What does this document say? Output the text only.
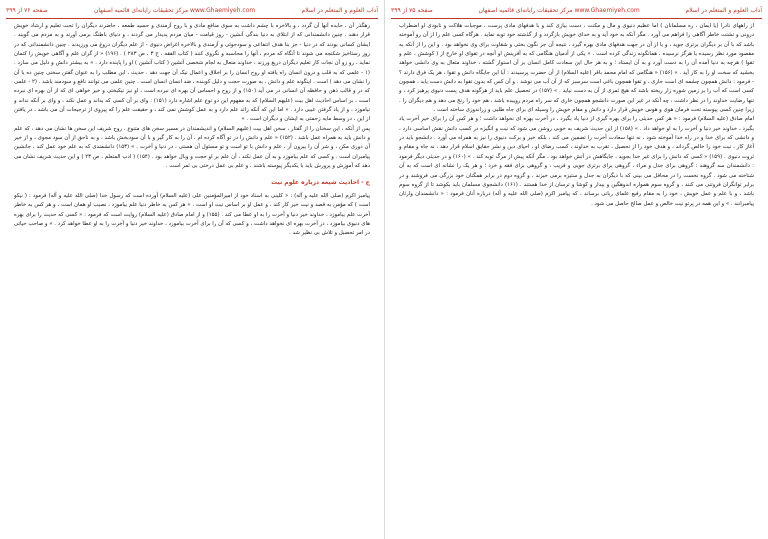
آداب العلوم و المتعلم در اسلام
مرکز تحقیقات رایانه‌ای قائمیه اصفهان www.Ghaemiyeh.com
صفحه ۷۶ از ۳۹۹

رهگذر آن ، حایده آنها آن گردد ، و بالاخره با چشم داشت به سوی منافع مادی و با روح آزمندی و حسید طمعه ، حاضرند دیگران را تحت تعلیم و ارشاد خویش قرار دهند . چنین دانشمندانی که از ابتلای به دنیا بندگی آنشین - روز قیامت - میان مردم پدیدار می گردند ، و دنیای باطنگ برمی آورند و به مردم می گویند . ایشان کسانی بودند که در دنیا - جز بنا هدف انتفاعی و سودجوئی و آزمندی و بالاخره اغراض دنیوی - از علم دیگران دروغ می ورزیدند . چنین دانشمندانی که در روز رستاخیز شکنجه می شوند تا آنگاه که مردم ، آنها را محاسبه و نگروی کنند ( کتاب الفقه ، ج ۳ ، ص ۲۸۳ ) . (۱۹۶) « از گران علم و آگاهی خویش را کتمان نماید ، رو زو آن نجات کار تعلیم دیگران دریغ ورزند ، خداوند متعال به لجام شخصی آتشین ( کتاب آتشین ) او را پاینده دارد . » به بیشتر دانش و دلیل می سازد . (۱ - علمی که به قلب و درون انسان راه یافته او روح انسان را بر اخلاق و اعمال نیک آن جهت دهد . حدیث ، این مطلب را به عنوان گفتن سخنی چنین ده یا آن را نشان می دهد ) است . اینگونه علم و دانش ، به صورت حجت و دلیل کوبنده ، ضد انسان انسان است . چنین علمی می توانند نافع و سودمند باشد . (۲ - علمی که در و قالب ذهن و حافظه آن انسانی در می آید (۱۵۰) و از روح و احساس آن بهره ای نبرده است ، او نیز نیکبختی و خیر خواهی ای که از آن بهره ای نبرده است ، بر اساس احادیث اهل بیت (علیهم السلام) که به مفهوم این دو نوع علم اشاره دارد (۱۵۱) : وای بر آن کسی که بداند و عمل نکند ، و وای بر آنکه نداند و نیاموزد ، و از یاد گرفتن عیبی دارد . « اما این که آنکه زائد علم دارد و به عمل کوشش نمی کند ، و حقیقت علم را که پیروی از ترجیحات آن می باشد ، در یافتن از این ، در وسط مایه زحمتی به ایشان و دیگران است . »

پس از آنکه ، این سخنان را از گفتار ، سخن اهل بیت (علیهم السلام) و اندیشمندان در مسیر سخن های متنوع ، روح شریف این سخن ها نشان می دهد ، که علم و دانش باید به همراه عمل باشد . (۱۵۲) « علم و دانش را در تو آگاه کرده ام ، آن را به کار گیر و با آن سودبخش باشد ، و به ناحق از آن سود مجوی ، و از خیر آن دوری مکن ، و شر آن را بیرون آر ، علم و دانش با تو است و تو مسئول آن هستی ، در دنیا و آخرت . » (۱۵۳) دانشمندی که به علم خود عمل کند ، جانشین پیامبران است . و کسی که علم بیاموزد و به آن عمل نکند ، آن علم بر او حجت و وبال خواهد بود . (۱۵۴) ( ادب المتعلم ، ص ۴۳ ) و این حدیث شریف نشان می دهد که آموزش و پرورش باید با یکدیگر پیوسته باشند ، و علم بی عمل درختی بی ثمر است .

ج - احادیث شیعه درباره علوم نیت

پیامبر اکرم (صلی الله علیه و آله) : « کلینی به اسناد خود از امیرالمؤمنین علی (علیه السلام) آورده است که رسول خدا (صلی الله علیه و آله) فرمود : ( نیکو است ) که مؤمن به قصد و نیت خیر کار کند ، و عمل او بر اساس نیت او است . » هر کس به خاطر دنیا علم بیاموزد ، نصیب او همان است ، و هر کس به خاطر آخرت علم بیاموزد ، خداوند خیر دنیا و آخرت را به او عطا می کند . (۱۵۵) و از امام صادق (علیه السلام) روایت است که فرمود : « کسی که حدیث را برای بهره های دنیوی بیاموزد ، در آخرت بهره ای نخواهد داشت ، و کسی که آن را برای آخرت بیاموزد ، خداوند خیر دنیا و آخرت را به او عطا خواهد کرد . » و صاحب حیاتی در امر تحصیل و تلاش بی نظیر شد .

آداب العلوم و المتعلم در اسلام
مرکز تحقیقات رایانه‌ای قائمیه اصفهان www.Ghaemiyeh.com
صفحه ۷۵ از ۳۹۹

از راههای نادرا (یا ایمان ، ره مسلمانان ) اما عظیم دنیوی و مال و مکنت ، دست بیازی کند و با هدفهای مادی پرست ، موجبات هلاکت و نابودی او اضطراب درونی و تشتت خاطر آگاهی را فراهم می آورد . مگر آنکه به خود آید و به خدای خویش بازگردد و از گذشته خود توبه نماید . هرگاه کسی علم را از آن رو آموخته باشد که با آن بر دیگران برتری جوید ، و یا از آن در جهت هدفهای مادی بهره گیرد ، نتیجه آن جز نگون بختی و شقاوت برای وی نخواهد بود . و این را از آنکه به مقصود مورد نظر رسیده یا هرگز نرسیده ، همانگونه زندگی کرده است . « یکی از آدمیان هنگامی که به آفرینش او آنچه در تقوای او خارج از ( کوشش ، علم و تقوا ) هرچه به دنیا آمده آن را به دست آورد و به آن ایستاد ؛ و به هر حال این سعادت کامل انسان بر آن استوار گشته ، خداوند متعال به وی دانشی خواهد بخشید که سخت او را به کار آید . » (۱۵۶) « هنگامی که امام محمد باقر (علیه السلام) از آن حضرت پرسیدند : آیا این جایگاه دانش و تقوا ، هر یک فرق دارند ؟ - فرمود : دانش همچون چشمه ای است جاری ، و تقوا همچون باغی است سرسبز که از آن آب می نوشد . و آن کس که بدون تقوا به دانش دست یابد ، همچون کسی است که آب را بر زمین شوره زار ریخته باشد که هیچ ثمری از آن به دست نیاید . » (۱۵۷) در تحصیل علم باید از هرگونه هدف پست دنیوی پرهیز کرد ، و تنها رضایت خداوند را در نظر داشت ، چه آنکه در غیر این صورت دانشجو همچون خاری که سر راه مردم روییده باشد ، هم خود را رنج می دهد و هم دیگران را . زیرا چنین کسی پیوسته تحت فرمان هوی و هوس خویش قرار دارد و دانش و مقام خویش را وسیله ای برای جاه طلبی و زراندوزی ساخته است .

امام صادق (علیه السلام) فرمود : « هر کس حدیثی را برای بهره گیری از دنیا یاد بگیرد ، در آخرت بهره ای نخواهد داشت ؛ و هر کس آن را برای خیر آخرت یاد بگیرد ، خداوند خیر دنیا و آخرت را به او خواهد داد . » (۱۵۸) از این حدیث شریف به خوبی روشن می شود که نیت و انگیزه در کسب دانش نقش اساسی دارد ، و دانشی که برای خدا و در راه خدا آموخته شود ، نه تنها سعادت آخرت را تضمین می کند ، بلکه خیر و برکت دنیوی را نیز به همراه می آورد . دانشجو باید در آغاز کار ، نیت خود را خالص گرداند ، و هدف خود را از تحصیل ، تقرب به خداوند ، کسب رضای او ، احیای دین و نشر حقایق اسلام قرار دهد ، نه جاه و مقام و ثروت دنیوی . (۱۵۹) « کسی که دانش را برای غیر خدا بجوید ، جایگاهش در آتش خواهد بود ، مگر آنکه پیش از مرگ توبه کند . » (۱۶۰) و در حدیثی دیگر فرمود : دانشمندان سه گروهند : گروهی برای جدل و مراء ، گروهی برای برتری جویی و فریب ، و گروهی برای فقه و خرد ؛ و هر یک را نشانه ای است که به آن شناخته می شود . گروه نخست را در محافل می بینی که با دیگران به جدل و ستیزه برمی خیزند ، و گروه دوم در برابر همگنان خود بزرگی می فروشند و در برابر توانگران فروتنی می کنند ، و گروه سوم همواره اندوهگین و بیدار و کوشا و ترسان از خدا هستند . (۱۶۱) دانشجوی مسلمان باید بکوشد تا از گروه سوم باشد ، و با علم و عمل خویش ، خود را به مقام رفیع علمای ربانی برساند ، که پیامبر اکرم (صلی الله علیه و آله) درباره آنان فرمود : « دانشمندان وارثان پیامبرانند . » و این همه در پرتو نیت خالص و عمل صالح حاصل می شود .
